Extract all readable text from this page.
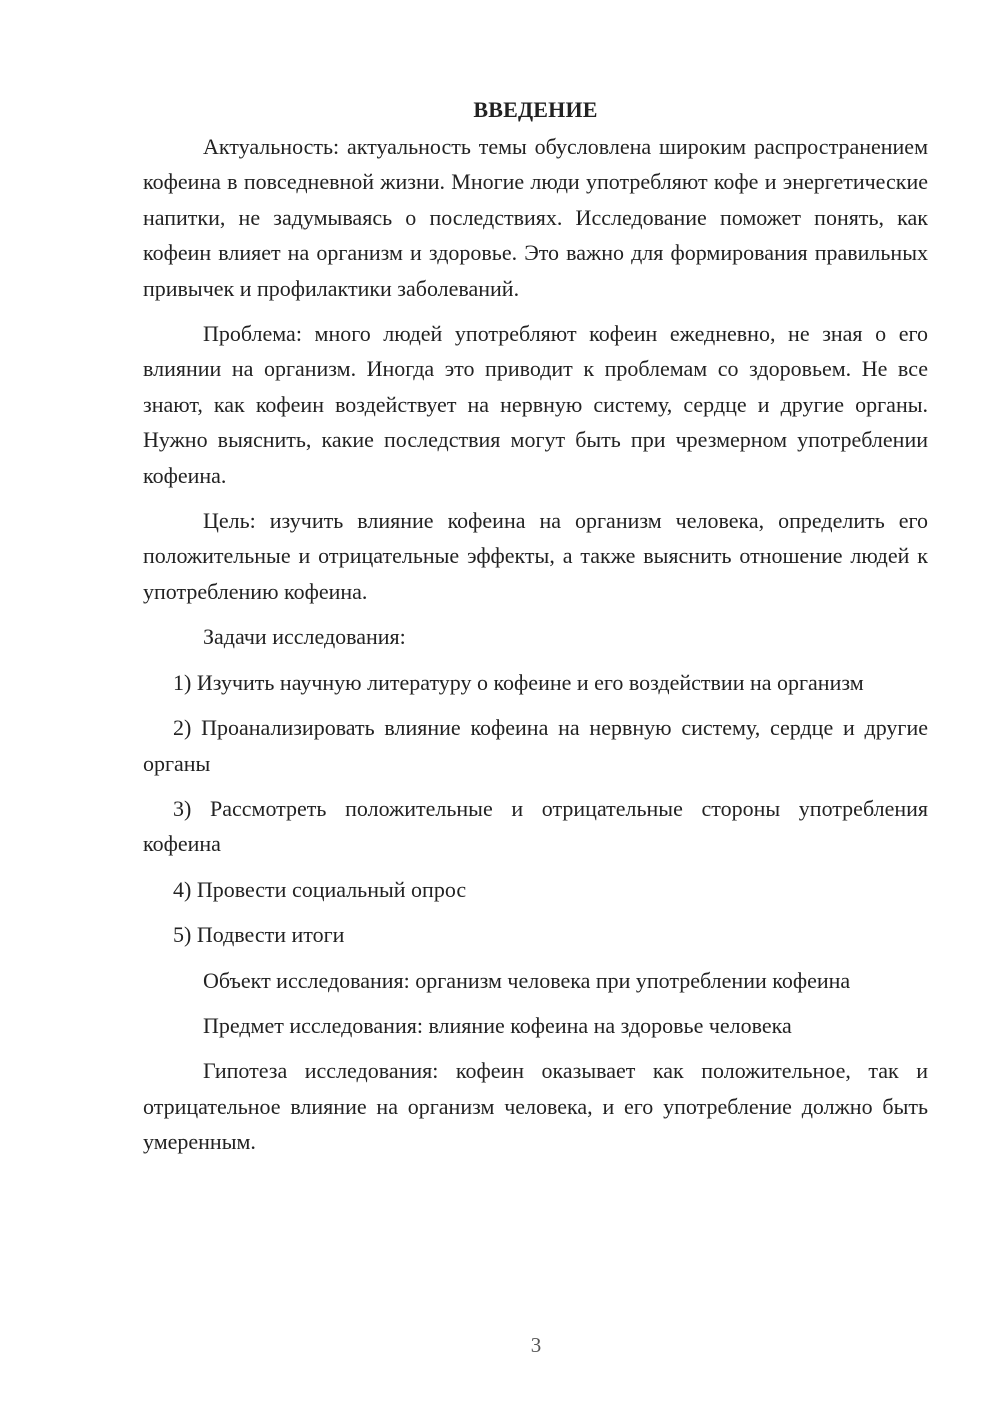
ВВЕДЕНИЕ

Актуальность: актуальность темы обусловлена широким распространением кофеина в повседневной жизни. Многие люди употребляют кофе и энергетические напитки, не задумываясь о последствиях. Исследование поможет понять, как кофеин влияет на организм и здоровье. Это важно для формирования правильных привычек и профилактики заболеваний.

Проблема: много людей употребляют кофеин ежедневно, не зная о его влиянии на организм. Иногда это приводит к проблемам со здоровьем. Не все знают, как кофеин воздействует на нервную систему, сердце и другие органы. Нужно выяснить, какие последствия могут быть при чрезмерном употреблении кофеина.

Цель: изучить влияние кофеина на организм человека, определить его положительные и отрицательные эффекты, а также выяснить отношение людей к употреблению кофеина.

Задачи исследования:

1) Изучить научную литературу о кофеине и его воздействии на организм

2) Проанализировать влияние кофеина на нервную систему, сердце и другие органы

3) Рассмотреть положительные и отрицательные стороны употребления кофеина

4) Провести социальный опрос

5) Подвести итоги

Объект исследования: организм человека при употреблении кофеина

Предмет исследования: влияние кофеина на здоровье человека

Гипотеза исследования: кофеин оказывает как положительное, так и отрицательное влияние на организм человека, и его употребление должно быть умеренным.

3
